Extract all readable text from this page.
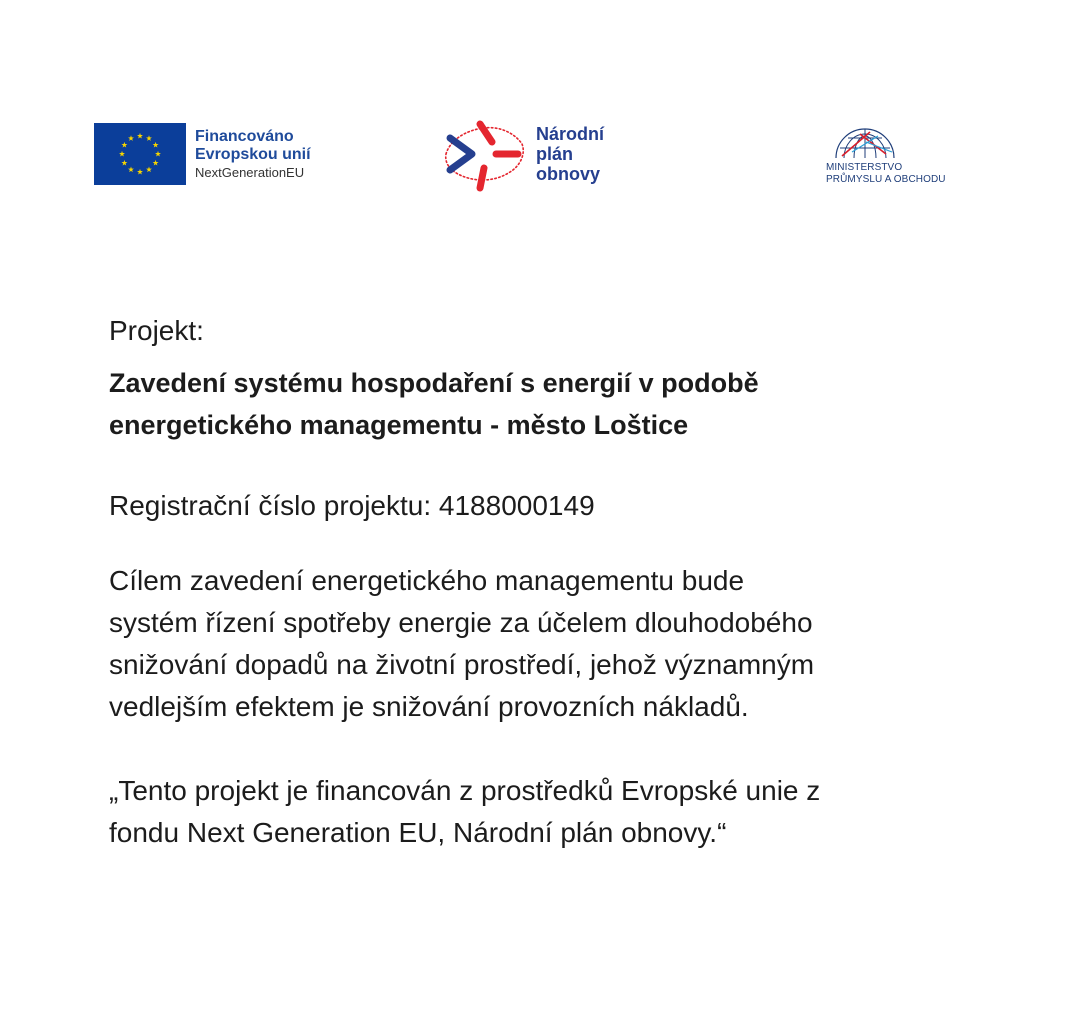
Financováno
Evropskou unií
NextGenerationEU
Národní
plán
obnovy	MINISTERSTVO
PRŮMYSLU A OBCHODU

Projekt:

Zavedení systému hospodaření s energií v podobě
energetického managementu - město Loštice

Registrační číslo projektu: 4188000149

Cílem zavedení energetického managementu bude
systém řízení spotřeby energie za účelem dlouhodobého
snižování dopadů na životní prostředí, jehož významným
vedlejším efektem je snižování provozních nákladů.

„Tento projekt je financován z prostředků Evropské unie z
fondu Next Generation EU, Národní plán obnovy.“
